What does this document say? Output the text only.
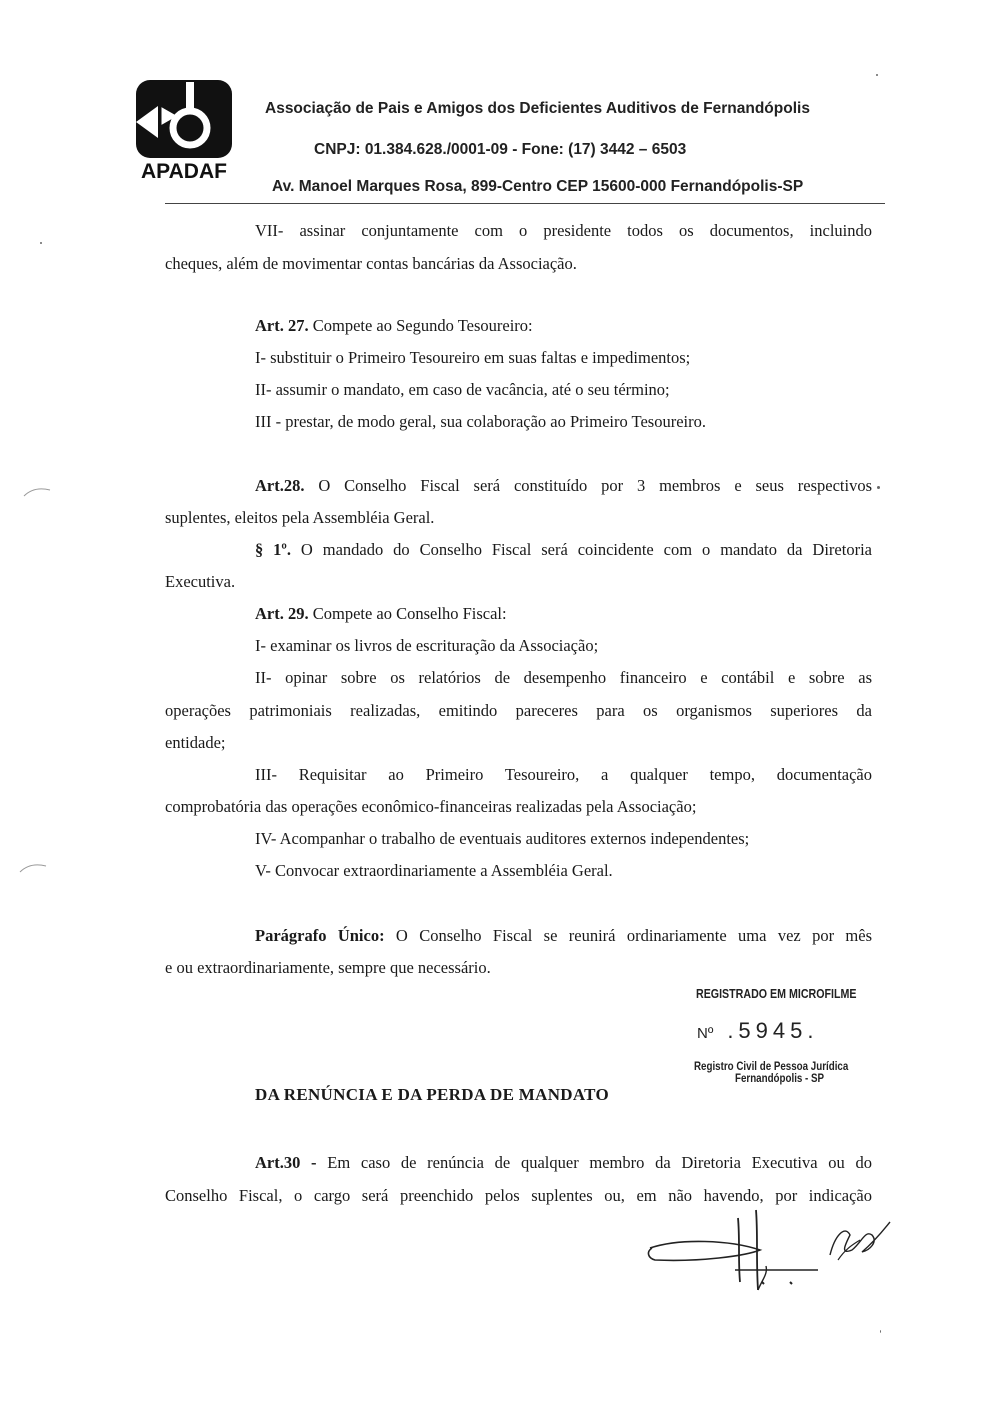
APADAF
Associação de Pais e Amigos dos Deficientes Auditivos de Fernandópolis
CNPJ: 01.384.628./0001-09 - Fone: (17) 3442 – 6503
Av. Manoel Marques Rosa, 899-Centro CEP 15600-000 Fernandópolis-SP

VII- assinar conjuntamente com o presidente todos os documentos, incluindo

cheques, além de movimentar contas bancárias da Associação.

Art. 27. Compete ao Segundo Tesoureiro:

I- substituir o Primeiro Tesoureiro em suas faltas e impedimentos;

II- assumir o mandato, em caso de vacância, até o seu término;

III - prestar, de modo geral, sua colaboração ao Primeiro Tesoureiro.

Art.28. O Conselho Fiscal será constituído por 3 membros e seus respectivos

suplentes, eleitos pela Assembléia Geral.

§ 1º. O mandado do Conselho Fiscal será coincidente com o mandato da Diretoria

Executiva.

Art. 29. Compete ao Conselho Fiscal:

I- examinar os livros de escrituração da Associação;

II- opinar sobre os relatórios de desempenho financeiro e contábil e sobre as

operações patrimoniais realizadas, emitindo pareceres para os organismos superiores da

entidade;

III- Requisitar ao Primeiro Tesoureiro, a qualquer tempo, documentação

comprobatória das operações econômico-financeiras realizadas pela Associação;

IV- Acompanhar o trabalho de eventuais auditores externos independentes;

V- Convocar extraordinariamente a Assembléia Geral.

Parágrafo Único: O Conselho Fiscal se reunirá ordinariamente uma vez por mês

e ou extraordinariamente, sempre que necessário.

REGISTRADO EM MICROFILME
Nº .5945.
Registro Civil de Pessoa Jurídica
Fernandópolis - SP
DA RENÚNCIA E DA PERDA DE MANDATO

Art.30 - Em caso de renúncia de qualquer membro da Diretoria Executiva ou do

Conselho Fiscal, o cargo será preenchido pelos suplentes ou, em não havendo, por indicação
